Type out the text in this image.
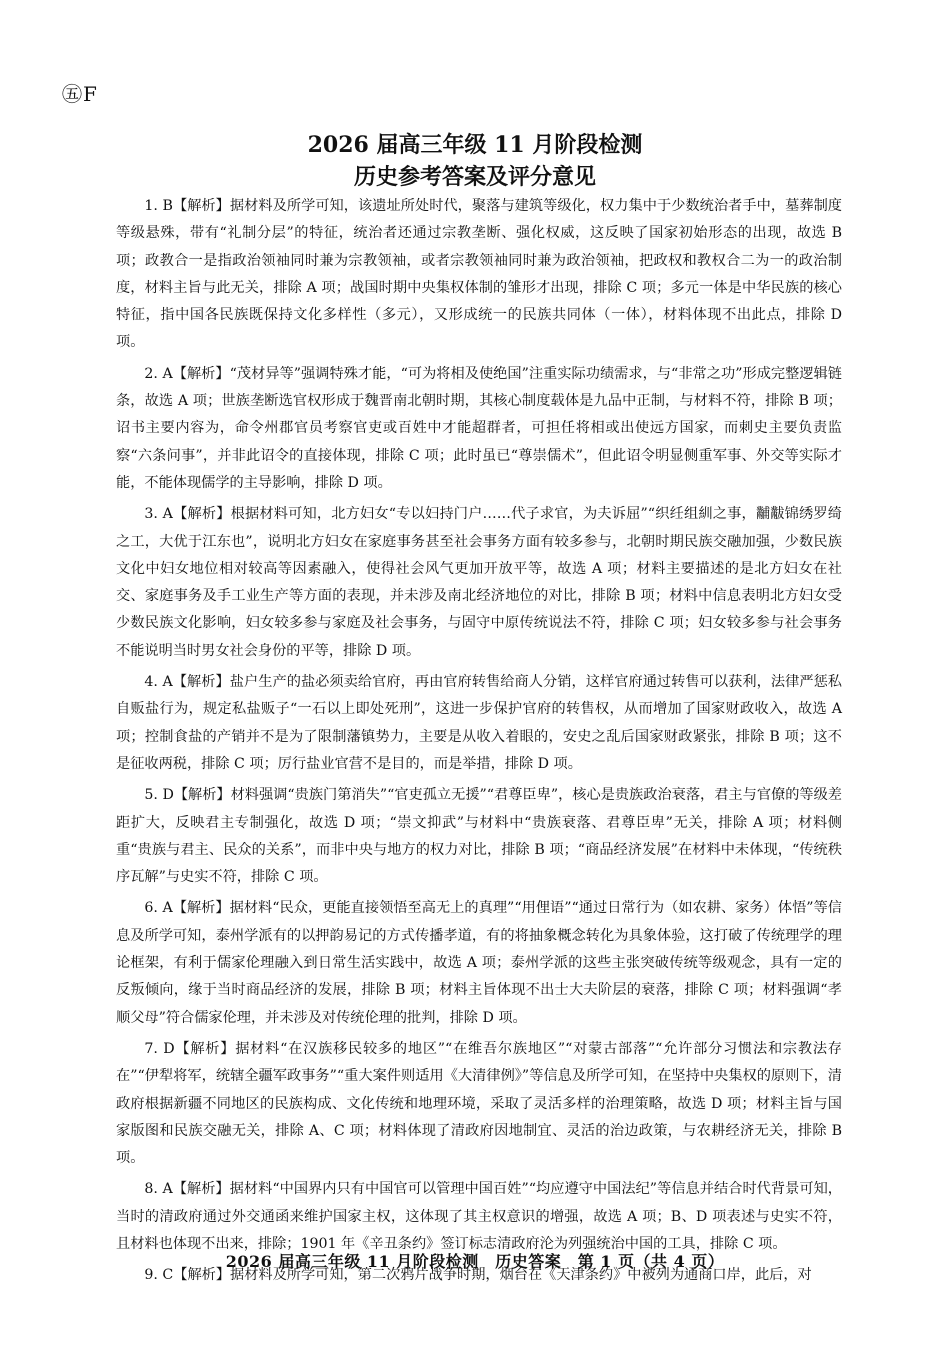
㊄F
2026 届高三年级 11 月阶段检测
历史参考答案及评分意见

1. B【解析】据材料及所学可知，该遗址所处时代，聚落与建筑等级化，权力集中于少数统治者手中，墓葬制度等级悬殊，带有“礼制分层”的特征，统治者还通过宗教垄断、强化权威，这反映了国家初始形态的出现，故选 B 项；政教合一是指政治领袖同时兼为宗教领袖，或者宗教领袖同时兼为政治领袖，把政权和教权合二为一的政治制度，材料主旨与此无关，排除 A 项；战国时期中央集权体制的雏形才出现，排除 C 项；多元一体是中华民族的核心特征，指中国各民族既保持文化多样性（多元），又形成统一的民族共同体（一体），材料体现不出此点，排除 D 项。

2. A【解析】“茂材异等”强调特殊才能，“可为将相及使绝国”注重实际功绩需求，与“非常之功”形成完整逻辑链条，故选 A 项；世族垄断选官权形成于魏晋南北朝时期，其核心制度载体是九品中正制，与材料不符，排除 B 项；诏书主要内容为，命令州郡官员考察官吏或百姓中才能超群者，可担任将相或出使远方国家，而刺史主要负责监察“六条问事”，并非此诏令的直接体现，排除 C 项；此时虽已“尊崇儒术”，但此诏令明显侧重军事、外交等实际才能，不能体现儒学的主导影响，排除 D 项。

3. A【解析】根据材料可知，北方妇女“专以妇持门户……代子求官，为夫诉屈”“织纴组紃之事，黼黻锦绣罗绮之工，大优于江东也”，说明北方妇女在家庭事务甚至社会事务方面有较多参与，北朝时期民族交融加强，少数民族文化中妇女地位相对较高等因素融入，使得社会风气更加开放平等，故选 A 项；材料主要描述的是北方妇女在社交、家庭事务及手工业生产等方面的表现，并未涉及南北经济地位的对比，排除 B 项；材料中信息表明北方妇女受少数民族文化影响，妇女较多参与家庭及社会事务，与固守中原传统说法不符，排除 C 项；妇女较多参与社会事务不能说明当时男女社会身份的平等，排除 D 项。

4. A【解析】盐户生产的盐必须卖给官府，再由官府转售给商人分销，这样官府通过转售可以获利，法律严惩私自贩盐行为，规定私盐贩子“一石以上即处死刑”，这进一步保护官府的转售权，从而增加了国家财政收入，故选 A 项；控制食盐的产销并不是为了限制藩镇势力，主要是从收入着眼的，安史之乱后国家财政紧张，排除 B 项；这不是征收两税，排除 C 项；厉行盐业官营不是目的，而是举措，排除 D 项。

5. D【解析】材料强调“贵族门第消失”“官吏孤立无援”“君尊臣卑”，核心是贵族政治衰落，君主与官僚的等级差距扩大，反映君主专制强化，故选 D 项；“崇文抑武”与材料中“贵族衰落、君尊臣卑”无关，排除 A 项；材料侧重“贵族与君主、民众的关系”，而非中央与地方的权力对比，排除 B 项；“商品经济发展”在材料中未体现，“传统秩序瓦解”与史实不符，排除 C 项。

6. A【解析】据材料“民众，更能直接领悟至高无上的真理”“用俚语”“通过日常行为（如农耕、家务）体悟”等信息及所学可知，泰州学派有的以押韵易记的方式传播孝道，有的将抽象概念转化为具象体验，这打破了传统理学的理论框架，有利于儒家伦理融入到日常生活实践中，故选 A 项；泰州学派的这些主张突破传统等级观念，具有一定的反叛倾向，缘于当时商品经济的发展，排除 B 项；材料主旨体现不出士大夫阶层的衰落，排除 C 项；材料强调“孝顺父母”符合儒家伦理，并未涉及对传统伦理的批判，排除 D 项。

7. D【解析】据材料“在汉族移民较多的地区”“在维吾尔族地区”“对蒙古部落”“允许部分习惯法和宗教法存在”“伊犁将军，统辖全疆军政事务”“重大案件则适用《大清律例》”等信息及所学可知，在坚持中央集权的原则下，清政府根据新疆不同地区的民族构成、文化传统和地理环境，采取了灵活多样的治理策略，故选 D 项；材料主旨与国家版图和民族交融无关，排除 A、C 项；材料体现了清政府因地制宜、灵活的治边政策，与农耕经济无关，排除 B 项。

8. A【解析】据材料“中国界内只有中国官可以管理中国百姓”“均应遵守中国法纪”等信息并结合时代背景可知，当时的清政府通过外交通函来维护国家主权，这体现了其主权意识的增强，故选 A 项；B、D 项表述与史实不符，且材料也体现不出来，排除；1901 年《辛丑条约》签订标志清政府沦为列强统治中国的工具，排除 C 项。

9. C【解析】据材料及所学可知，第二次鸦片战争时期，烟台在《天津条约》中被列为通商口岸，此后，对

2026 届高三年级 11 月阶段检测　历史答案　第 1 页（共 4 页）
